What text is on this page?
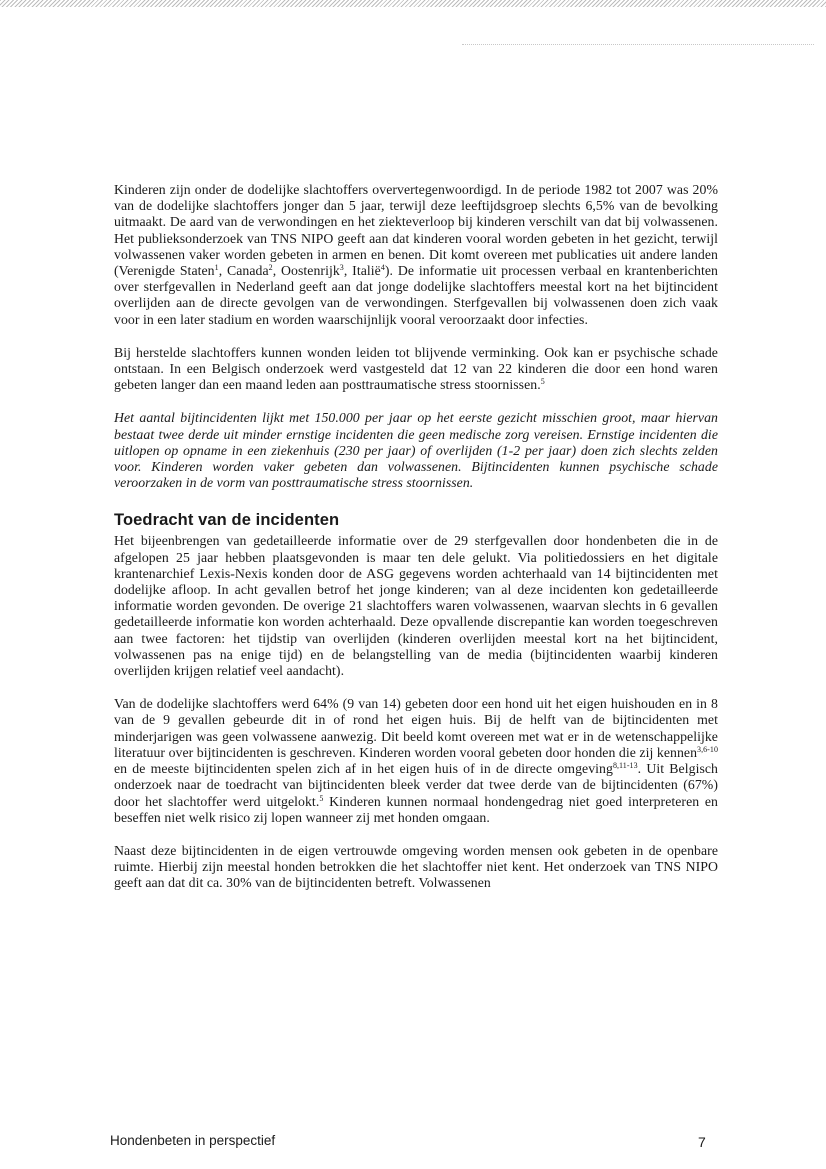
Kinderen zijn onder de dodelijke slachtoffers oververtegenwoordigd. In de periode 1982 tot 2007 was 20% van de dodelijke slachtoffers jonger dan 5 jaar, terwijl deze leeftijdsgroep slechts 6,5% van de bevolking uitmaakt. De aard van de verwondingen en het ziekteverloop bij kinderen verschilt van dat bij volwassenen. Het publieksonderzoek van TNS NIPO geeft aan dat kinderen vooral worden gebeten in het gezicht, terwijl volwassenen vaker worden gebeten in armen en benen. Dit komt overeen met publicaties uit andere landen (Verenigde Staten$^1$, Canada$^2$, Oostenrijk$^3$, Italië$^4$). De informatie uit processen verbaal en krantenberichten over sterfgevallen in Nederland geeft aan dat jonge dodelijke slachtoffers meestal kort na het bijtincident overlijden aan de directe gevolgen van de verwondingen. Sterfgevallen bij volwassenen doen zich vaak voor in een later stadium en worden waarschijnlijk vooral veroorzaakt door infecties.

Bij herstelde slachtoffers kunnen wonden leiden tot blijvende verminking. Ook kan er psychische schade ontstaan. In een Belgisch onderzoek werd vastgesteld dat 12 van 22 kinderen die door een hond waren gebeten langer dan een maand leden aan posttraumatische stress stoornissen.$^5$

Het aantal bijtincidenten lijkt met 150.000 per jaar op het eerste gezicht misschien groot, maar hiervan bestaat twee derde uit minder ernstige incidenten die geen medische zorg vereisen. Ernstige incidenten die uitlopen op opname in een ziekenhuis (230 per jaar) of overlijden (1-2 per jaar) doen zich slechts zelden voor. Kinderen worden vaker gebeten dan volwassenen. Bijtincidenten kunnen psychische schade veroorzaken in de vorm van posttraumatische stress stoornissen.

Toedracht van de incidenten

Het bijeenbrengen van gedetailleerde informatie over de 29 sterfgevallen door hondenbeten die in de afgelopen 25 jaar hebben plaatsgevonden is maar ten dele gelukt. Via politiedossiers en het digitale krantenarchief Lexis-Nexis konden door de ASG gegevens worden achterhaald van 14 bijtincidenten met dodelijke afloop. In acht gevallen betrof het jonge kinderen; van al deze incidenten kon gedetailleerde informatie worden gevonden. De overige 21 slachtoffers waren volwassenen, waarvan slechts in 6 gevallen gedetailleerde informatie kon worden achterhaald. Deze opvallende discrepantie kan worden toegeschreven aan twee factoren: het tijdstip van overlijden (kinderen overlijden meestal kort na het bijtincident, volwassenen pas na enige tijd) en de belangstelling van de media (bijtincidenten waarbij kinderen overlijden krijgen relatief veel aandacht).

Van de dodelijke slachtoffers werd 64% (9 van 14) gebeten door een hond uit het eigen huishouden en in 8 van de 9 gevallen gebeurde dit in of rond het eigen huis. Bij de helft van de bijtincidenten met minderjarigen was geen volwassene aanwezig. Dit beeld komt overeen met wat er in de wetenschappelijke literatuur over bijtincidenten is geschreven. Kinderen worden vooral gebeten door honden die zij kennen$^{3,6-10}$ en de meeste bijtincidenten spelen zich af in het eigen huis of in de directe omgeving$^{8,11-13}$. Uit Belgisch onderzoek naar de toedracht van bijtincidenten bleek verder dat twee derde van de bijtincidenten (67%) door het slachtoffer werd uitgelokt.$^5$ Kinderen kunnen normaal hondengedrag niet goed interpreteren en beseffen niet welk risico zij lopen wanneer zij met honden omgaan.

Naast deze bijtincidenten in de eigen vertrouwde omgeving worden mensen ook gebeten in de openbare ruimte. Hierbij zijn meestal honden betrokken die het slachtoffer niet kent. Het onderzoek van TNS NIPO geeft aan dat dit ca. 30% van de bijtincidenten betreft. Volwassenen

Hondenbeten in perspectief	7
